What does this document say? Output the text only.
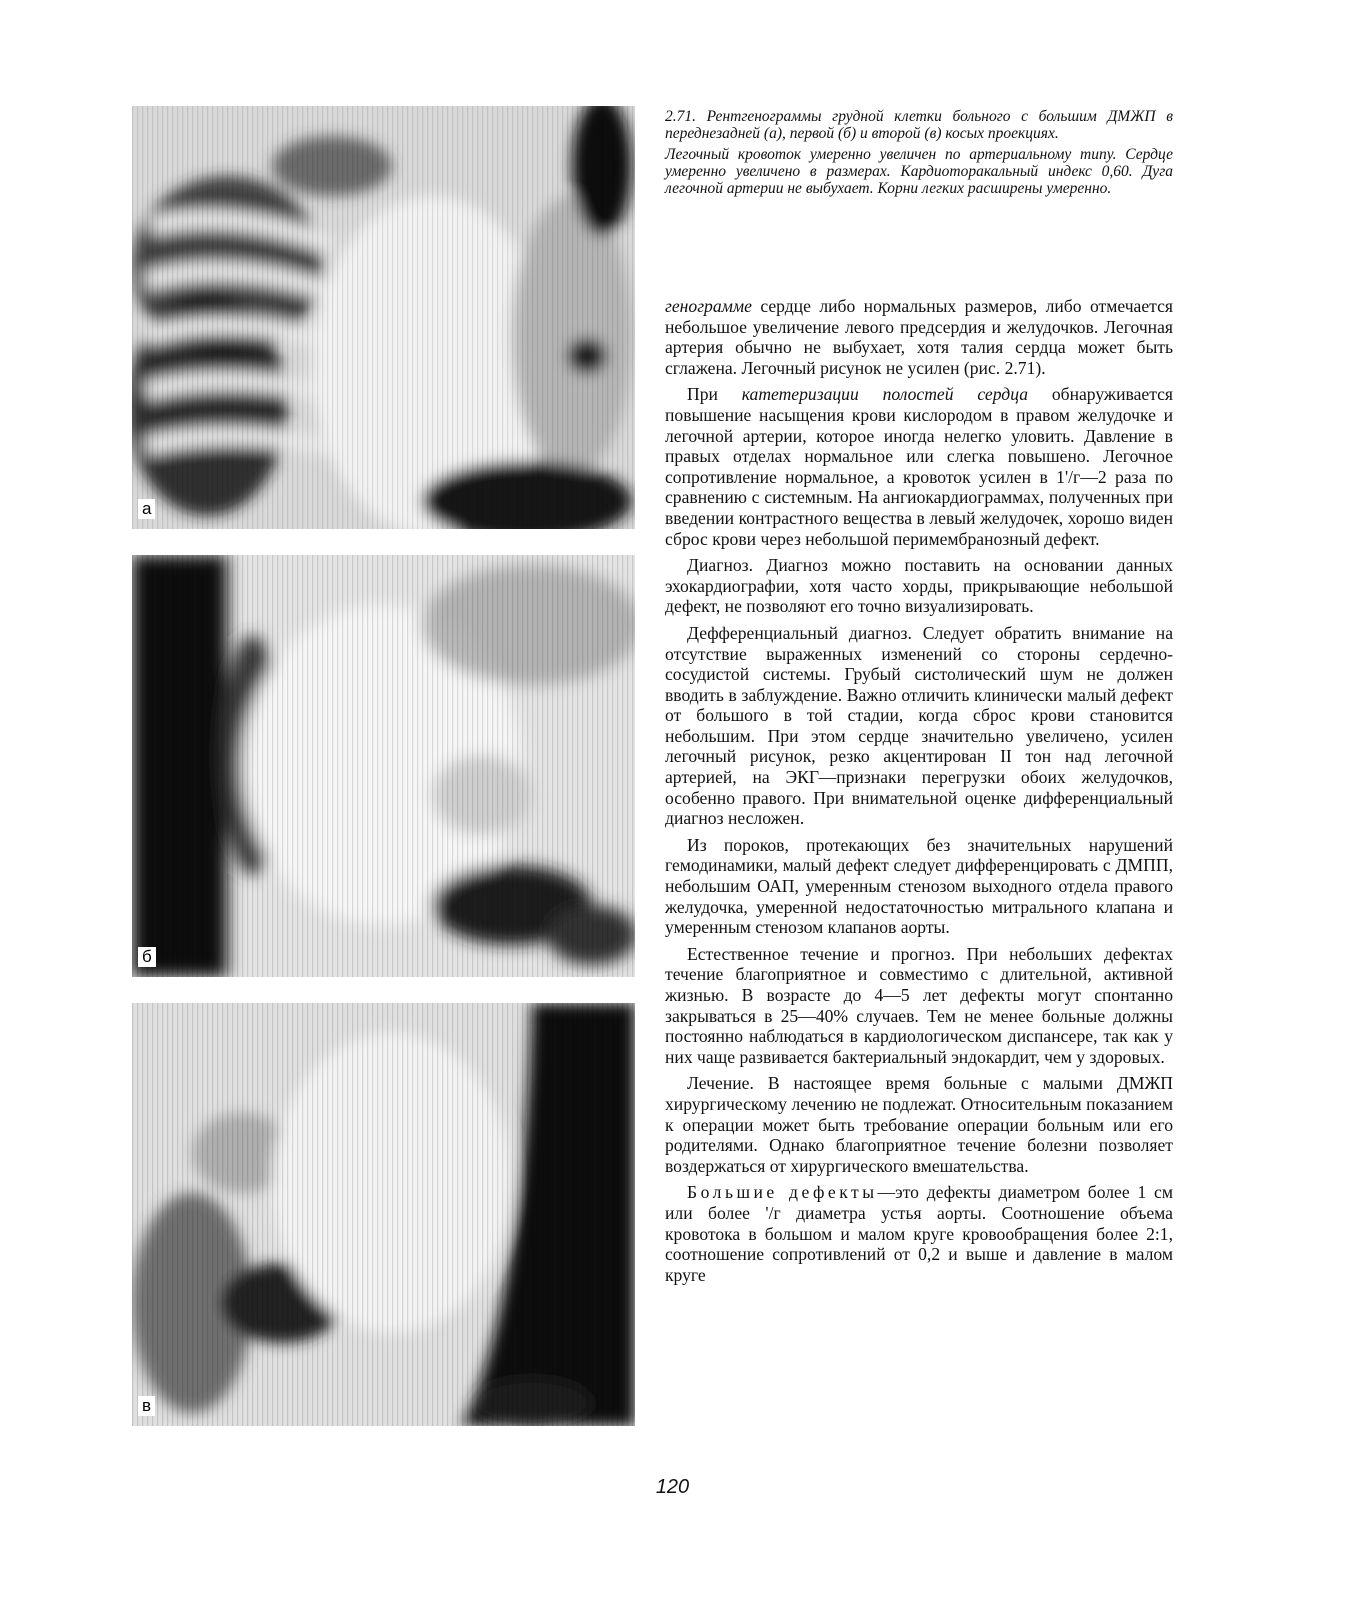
а
б
в

2.71. Рентгенограммы грудной клетки больного с большим ДМЖП в переднезадней (а), первой (б) и второй (в) косых проекциях.

Легочный кровоток умеренно увеличен по артериальному типу. Сердце умеренно увеличено в размерах. Кардиоторакальный индекс 0,60. Дуга легочной артерии не выбухает. Корни легких расширены умеренно.

генограмме сердце либо нормальных размеров, либо отмечается небольшое увеличение левого предсердия и желудочков. Легочная артерия обычно не выбухает, хотя талия сердца может быть сглажена. Легочный рисунок не усилен (рис. 2.71).

При катетеризации полостей сердца обнаруживается повышение насыщения крови кислородом в правом желудочке и легочной артерии, которое иногда нелегко уловить. Давление в правых отделах нормальное или слегка повышено. Легочное сопротивление нормальное, а кровоток усилен в 1'/г—2 раза по сравнению с системным. На ангиокардиограммах, полученных при введении контрастного вещества в левый желудочек, хорошо виден сброс крови через небольшой перимембранозный дефект.

Диагноз. Диагноз можно поставить на основании данных эхокардиографии, хотя часто хорды, прикрывающие небольшой дефект, не позволяют его точно визуализировать.

Дефференциальный диагноз. Следует обратить внимание на отсутствие выраженных изменений со стороны сердечно-сосудистой системы. Грубый систолический шум не должен вводить в заблуждение. Важно отличить клинически малый дефект от большого в той стадии, когда сброс крови становится небольшим. При этом сердце значительно увеличено, усилен легочный рисунок, резко акцентирован II тон над легочной артерией, на ЭКГ—признаки перегрузки обоих желудочков, особенно правого. При внимательной оценке дифференциальный диагноз несложен.

Из пороков, протекающих без значительных нарушений гемодинамики, малый дефект следует дифференцировать с ДМПП, небольшим ОАП, умеренным стенозом выходного отдела правого желудочка, умеренной недостаточностью митрального клапана и умеренным стенозом клапанов аорты.

Естественное течение и прогноз. При небольших дефектах течение благоприятное и совместимо с длительной, активной жизнью. В возрасте до 4—5 лет дефекты могут спонтанно закрываться в 25—40% случаев. Тем не менее больные должны постоянно наблюдаться в кардиологическом диспансере, так как у них чаще развивается бактериальный эндокардит, чем у здоровых.

Лечение. В настоящее время больные с малыми ДМЖП хирургическому лечению не подлежат. Относительным показанием к операции может быть требование операции больным или его родителями. Однако благоприятное течение болезни позволяет воздержаться от хирургического вмешательства.

Большие дефекты—это дефекты диаметром более 1 см или более '/г диаметра устья аорты. Соотношение объема кровотока в большом и малом круге кровообращения более 2:1, соотношение сопротивлений от 0,2 и выше и давление в малом круге

120
